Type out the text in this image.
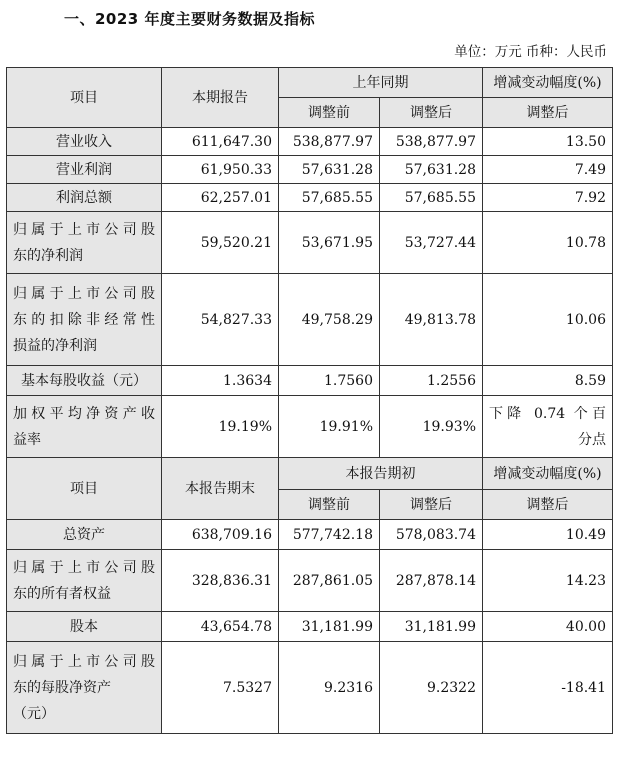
一、2023 年度主要财务数据及指标
单位：万元 币种：人民币
项目	本期报告	上年同期		增减变动幅度(%)
		调整前	调整后	调整后
营业收入	611,647.30	538,877.97	538,877.97	13.50
营业利润	61,950.33	57,631.28	57,631.28	7.49
利润总额	62,257.01	57,685.55	57,685.55	7.92

归属于上市公司股
东的净利润	59,520.21	53,671.95	53,727.44	10.78

归属于上市公司股
东的扣除非经常性
损益的净利润	54,827.33	49,758.29	49,813.78	10.06
基本每股收益（元）	1.3634	1.7560	1.2556	8.59

加权平均净资产收
益率	19.19%	19.91%	19.93%	下降 0.74 个百
分点

项目	本报告期末	本报告期初		增减变动幅度(%)
		调整前	调整后	调整后
总资产	638,709.16	577,742.18	578,083.74	10.49

归属于上市公司股
东的所有者权益	328,836.31	287,861.05	287,878.14	14.23
股本	43,654.78	31,181.99	31,181.99	40.00

归属于上市公司股
东的每股净资产
（元）	7.5327	9.2316	9.2322	-18.41
